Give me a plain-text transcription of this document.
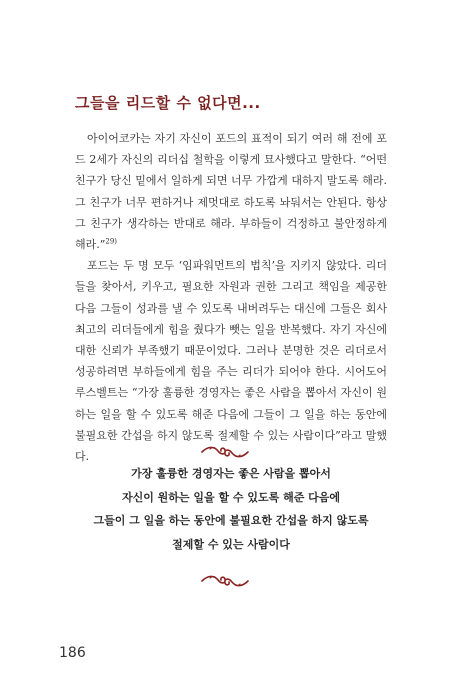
그들을 리드할 수 없다면...

아이어코카는 자기 자신이 포드의 표적이 되기 여러 해 전에 포드 2세가 자신의 리더십 철학을 이렇게 묘사했다고 말한다. “어떤 친구가 당신 밑에서 일하게 되면 너무 가깝게 대하지 말도록 해라. 그 친구가 너무 편하거나 제멋대로 하도록 놔둬서는 안된다. 항상 그 친구가 생각하는 반대로 해라. 부하들이 걱정하고 불안정하게 해라.”$^{29)}$

포드는 두 명 모두 ‘임파워먼트의 법칙’을 지키지 않았다. 리더들을 찾아서, 키우고, 필요한 자원과 권한 그리고 책임을 제공한 다음 그들이 성과를 낼 수 있도록 내버려두는 대신에 그들은 회사 최고의 리더들에게 힘을 줬다가 뺏는 일을 반복했다. 자기 자신에 대한 신뢰가 부족했기 때문이었다. 그러나 분명한 것은 리더로서 성공하려면 부하들에게 힘을 주는 리더가 되어야 한다. 시어도어 루스벨트는 “가장 훌륭한 경영자는 좋은 사람을 뽑아서 자신이 원하는 일을 할 수 있도록 해준 다음에 그들이 그 일을 하는 동안에 불필요한 간섭을 하지 않도록 절제할 수 있는 사람이다”라고 말했다.

가장 훌륭한 경영자는 좋은 사람을 뽑아서
자신이 원하는 일을 할 수 있도록 해준 다음에
그들이 그 일을 하는 동안에 불필요한 간섭을 하지 않도록
절제할 수 있는 사람이다
186
